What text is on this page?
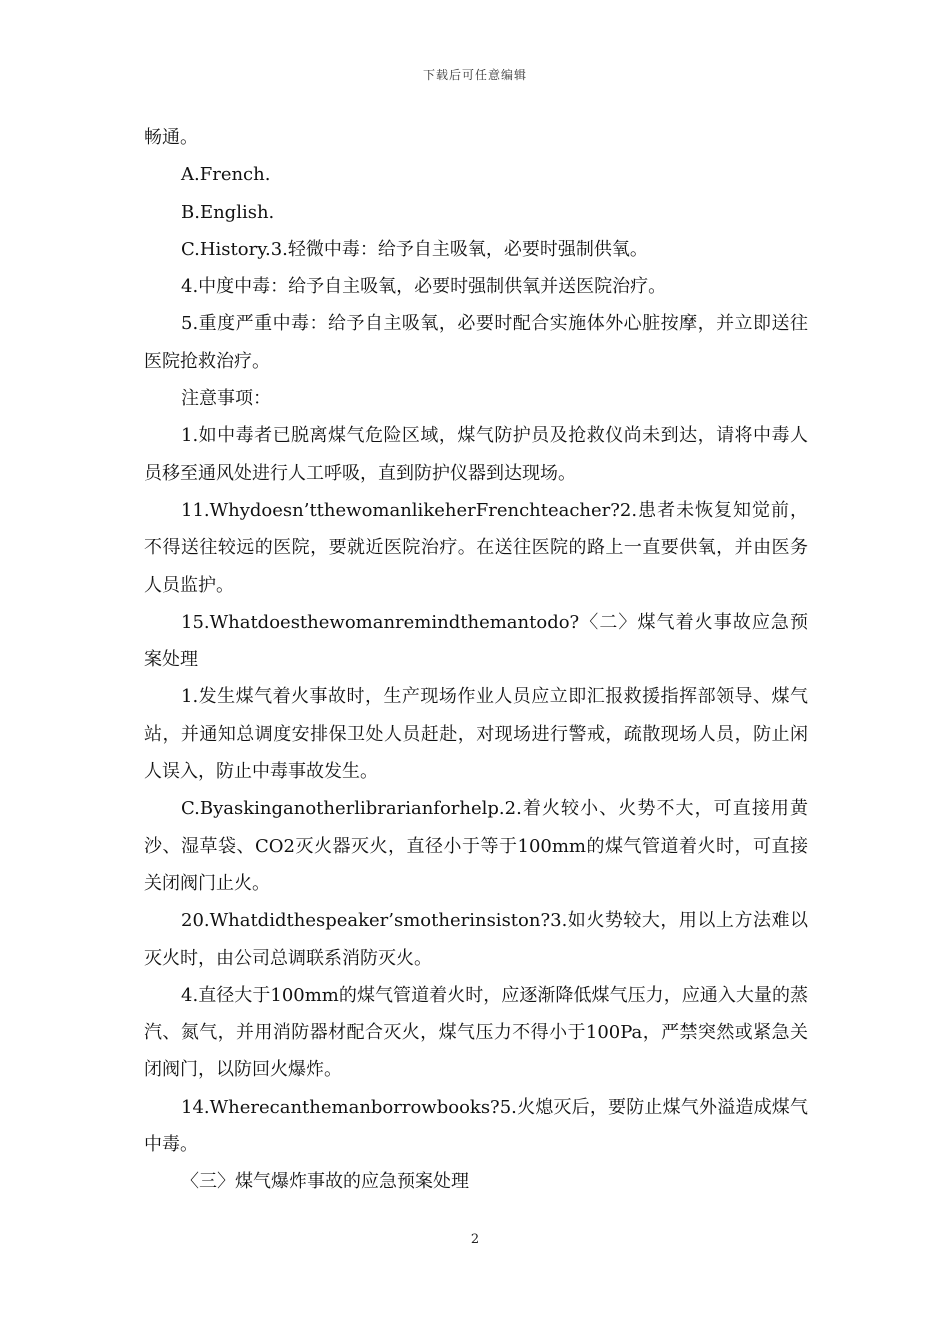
下载后可任意编辑

畅通。

A.French.

B.English.

C.History.3.轻微中毒：给予自主吸氧，必要时强制供氧。

4.中度中毒：给予自主吸氧，必要时强制供氧并送医院治疗。

5.重度严重中毒：给予自主吸氧，必要时配合实施体外心脏按摩，并立即送往医院抢救治疗。

注意事项：

1.如中毒者已脱离煤气危险区域，煤气防护员及抢救仪尚未到达，请将中毒人员移至通风处进行人工呼吸，直到防护仪器到达现场。

11.Whydoesn’tthewomanlikeherFrenchteacher?2.患者未恢复知觉前，不得送往较远的医院，要就近医院治疗。在送往医院的路上一直要供氧，并由医务人员监护。

15.Whatdoesthewomanremindthemantodo?〈二〉煤气着火事故应急预案处理

1.发生煤气着火事故时，生产现场作业人员应立即汇报救援指挥部领导、煤气站，并通知总调度安排保卫处人员赶赴，对现场进行警戒，疏散现场人员，防止闲人误入，防止中毒事故发生。

C.Byaskinganotherlibrarianforhelp.2.着火较小、火势不大，可直接用黄沙、湿草袋、CO2灭火器灭火，直径小于等于100mm的煤气管道着火时，可直接关闭阀门止火。

20.Whatdidthespeaker’smotherinsiston?3.如火势较大，用以上方法难以灭火时，由公司总调联系消防灭火。

4.直径大于100mm的煤气管道着火时，应逐渐降低煤气压力，应通入大量的蒸汽、氮气，并用消防器材配合灭火，煤气压力不得小于100Pa，严禁突然或紧急关闭阀门，以防回火爆炸。

14.Wherecanthemanborrowbooks?5.火熄灭后，要防止煤气外溢造成煤气中毒。

〈三〉煤气爆炸事故的应急预案处理

2
